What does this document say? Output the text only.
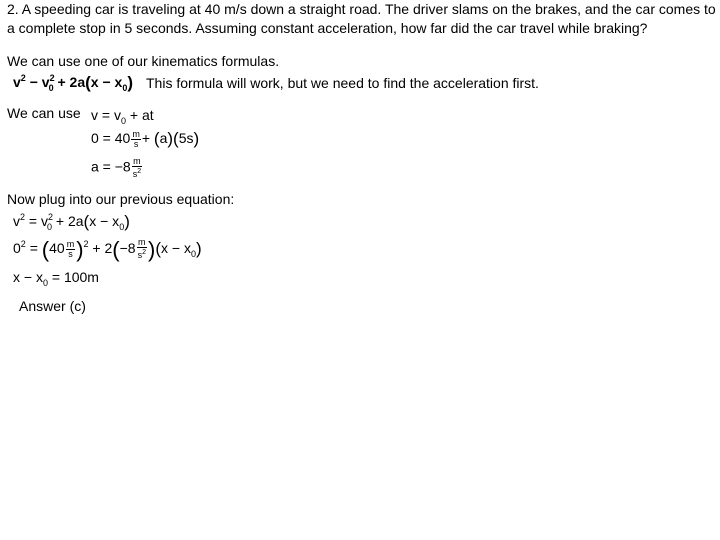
2. A speeding car is traveling at 40 m/s down a straight road. The driver slams on the brakes, and the car comes to a complete stop in 5 seconds. Assuming constant acceleration, how far did the car travel while braking?
We can use one of our kinematics formulas.
$v^2 - v^2_0 + 2a(x - x_0)$ This formula will work, but we need to find the acceleration first.
We can use $v = v_0$ + at
$0 = 40 \frac{m}{s} + (a)(5s)$
$a = -8 \frac{m}{s^2}$
Now plug into our previous equation:
$v^2 = v^2_0 + 2a(x - x_0)$
$0^2 = (40 \frac{m}{s} )^2 + 2(-8 \frac{m}{s^2} )(x - x_0)$
$x - x_0 = 100m$
Answer (c)
